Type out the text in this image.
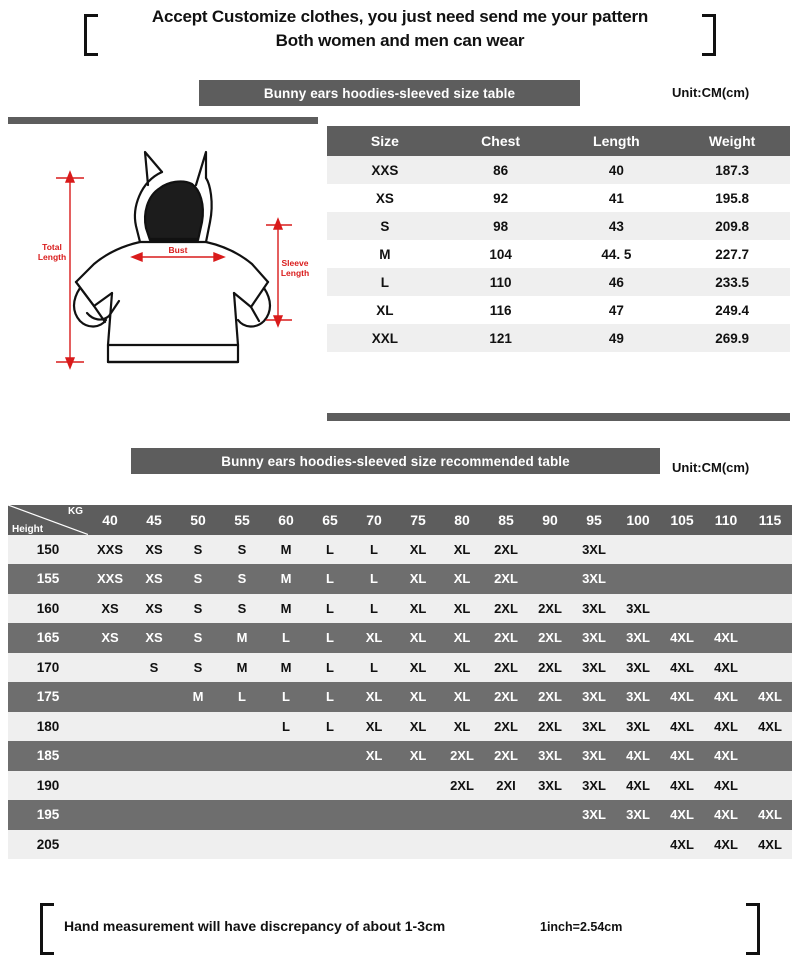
Accept Customize clothes, you just need send me your pattern
Both women and men can wear
Bunny ears hoodies-sleeved size table	Unit:CM(cm)
Total
Length
Bust
Sleeve
Length
Size	Chest	Length	Weight
XXS	86	40	187.3
XS	92	41	195.8
S	98	43	209.8
M	104	44. 5	227.7
L	110	46	233.5
XL	116	47	249.4
XXL	121	49	269.9
Bunny ears hoodies-sleeved size recommended table	Unit:CM(cm)
KG
Height	40	45	50	55	60	65	70	75	80	85	90	95	100	105	110	115
150	XXS	XS	S	S	M	L	L	XL	XL	2XL		3XL				
155	XXS	XS	S	S	M	L	L	XL	XL	2XL		3XL				
160	XS	XS	S	S	M	L	L	XL	XL	2XL	2XL	3XL	3XL			
165	XS	XS	S	M	L	L	XL	XL	XL	2XL	2XL	3XL	3XL	4XL	4XL	
170		S	S	M	M	L	L	XL	XL	2XL	2XL	3XL	3XL	4XL	4XL	
175			M	L	L	L	XL	XL	XL	2XL	2XL	3XL	3XL	4XL	4XL	4XL
180					L	L	XL	XL	XL	2XL	2XL	3XL	3XL	4XL	4XL	4XL
185							XL	XL	2XL	2XL	3XL	3XL	4XL	4XL	4XL	
190									2XL	2XI	3XL	3XL	4XL	4XL	4XL	
195												3XL	3XL	4XL	4XL	4XL
205														4XL	4XL	4XL
Hand measurement will have discrepancy of about 1-3cm	1inch=2.54cm
